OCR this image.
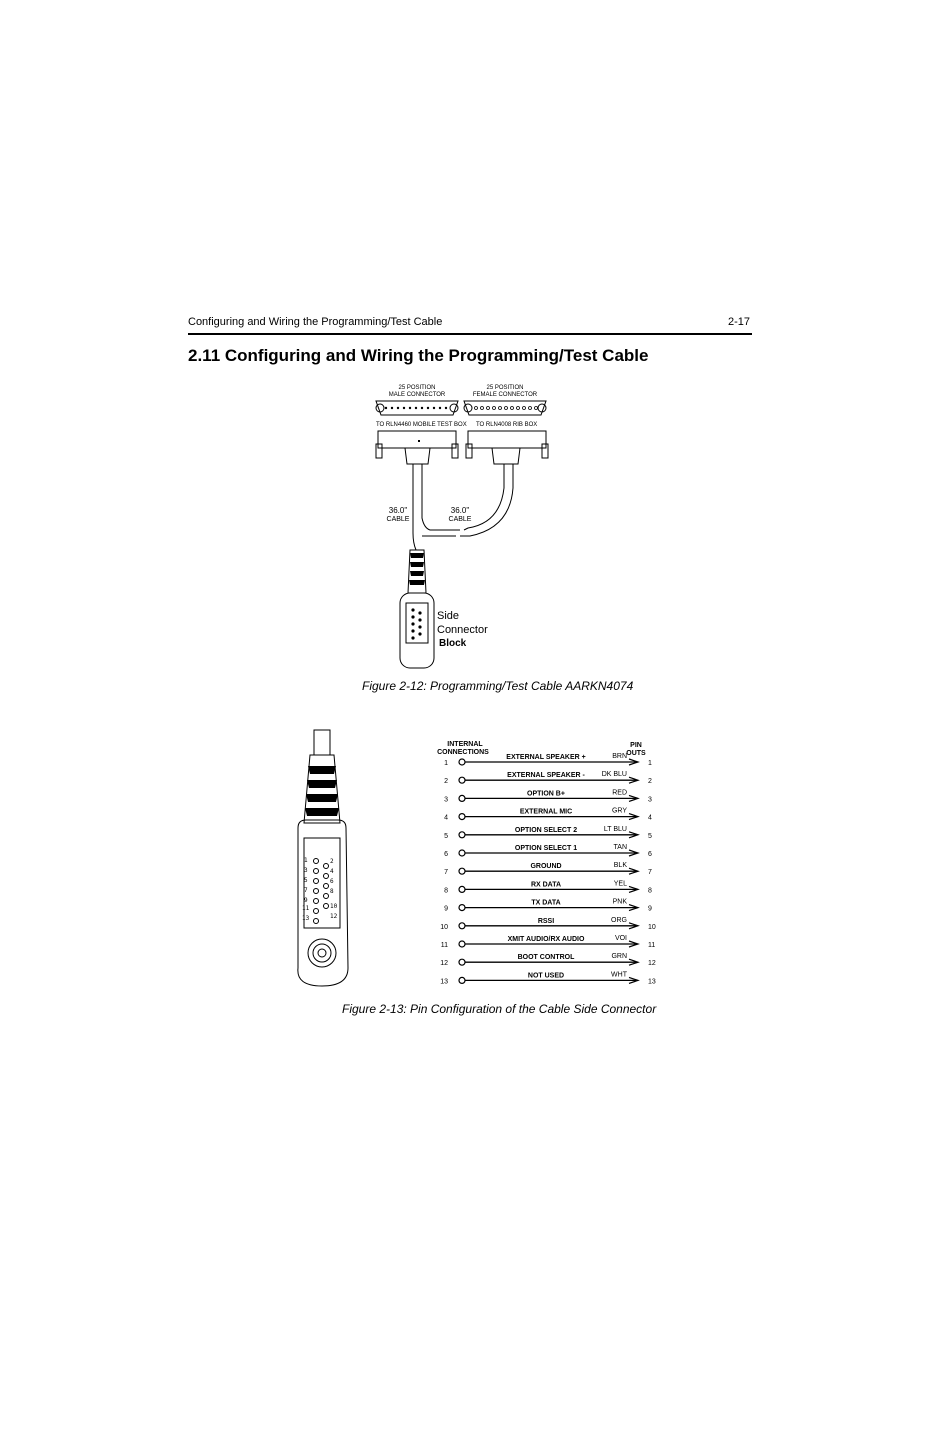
Configuring and Wiring the Programming/Test Cable	2-17
2.11 Configuring and Wiring the Programming/Test Cable
25 POSITION
MALE CONNECTOR
25 POSITION
FEMALE CONNECTOR
TO RLN4460 MOBILE TEST BOX TO RLN4008 RIB BOX
36.0"
CABLE
36.0"
CABLE
Side
Connector
Block
Figure 2-12: Programming/Test Cable AARKN4074
1	2
3	4
5	6
7	8
9
10
11
12
13
INTERNAL
CONNECTIONS
PIN
OUTS
1
EXTERNAL SPEAKER +	BRN
1
2
EXTERNAL SPEAKER - DK BLU
2
3
OPTION B+	RED
3
4
EXTERNAL MIC	GRY
4
5
OPTION SELECT 2	LT BLU
5
6
OPTION SELECT 1	TAN
6
7
GROUND	BLK
7
8
RX DATA	YEL
8
9
TX DATA	PNK
9
10
RSSI	ORG
10
11
XMIT AUDIO/RX AUDIO	VOI
11
12
BOOT CONTROL	GRN
12
13
NOT USED	WHT
13
Figure 2-13: Pin Configuration of the Cable Side Connector
